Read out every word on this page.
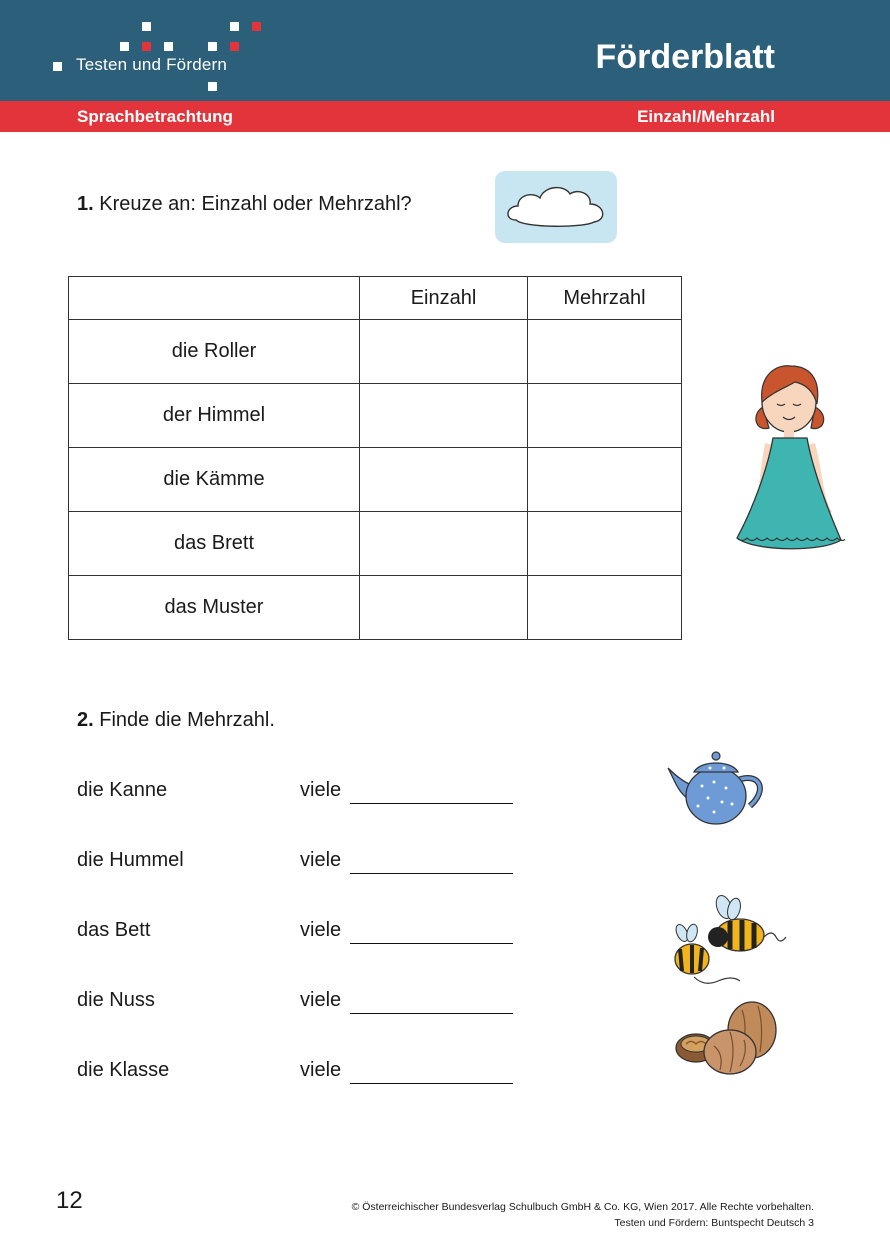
Testen und Fördern	Förderblatt
Sprachbetrachtung	Einzahl/Mehrzahl
1. Kreuze an: Einzahl oder Mehrzahl?
	Einzahl	Mehrzahl
die Roller		
der Himmel		
die Kämme		
das Brett		
das Muster		
2. Finde die Mehrzahl.
die Kanne	viele
die Hummel	viele
das Bett	viele
die Nuss	viele
die Klasse	viele
12	© Österreichischer Bundesverlag Schulbuch GmbH & Co. KG, Wien 2017. Alle Rechte vorbehalten.
Testen und Fördern: Buntspecht Deutsch 3
